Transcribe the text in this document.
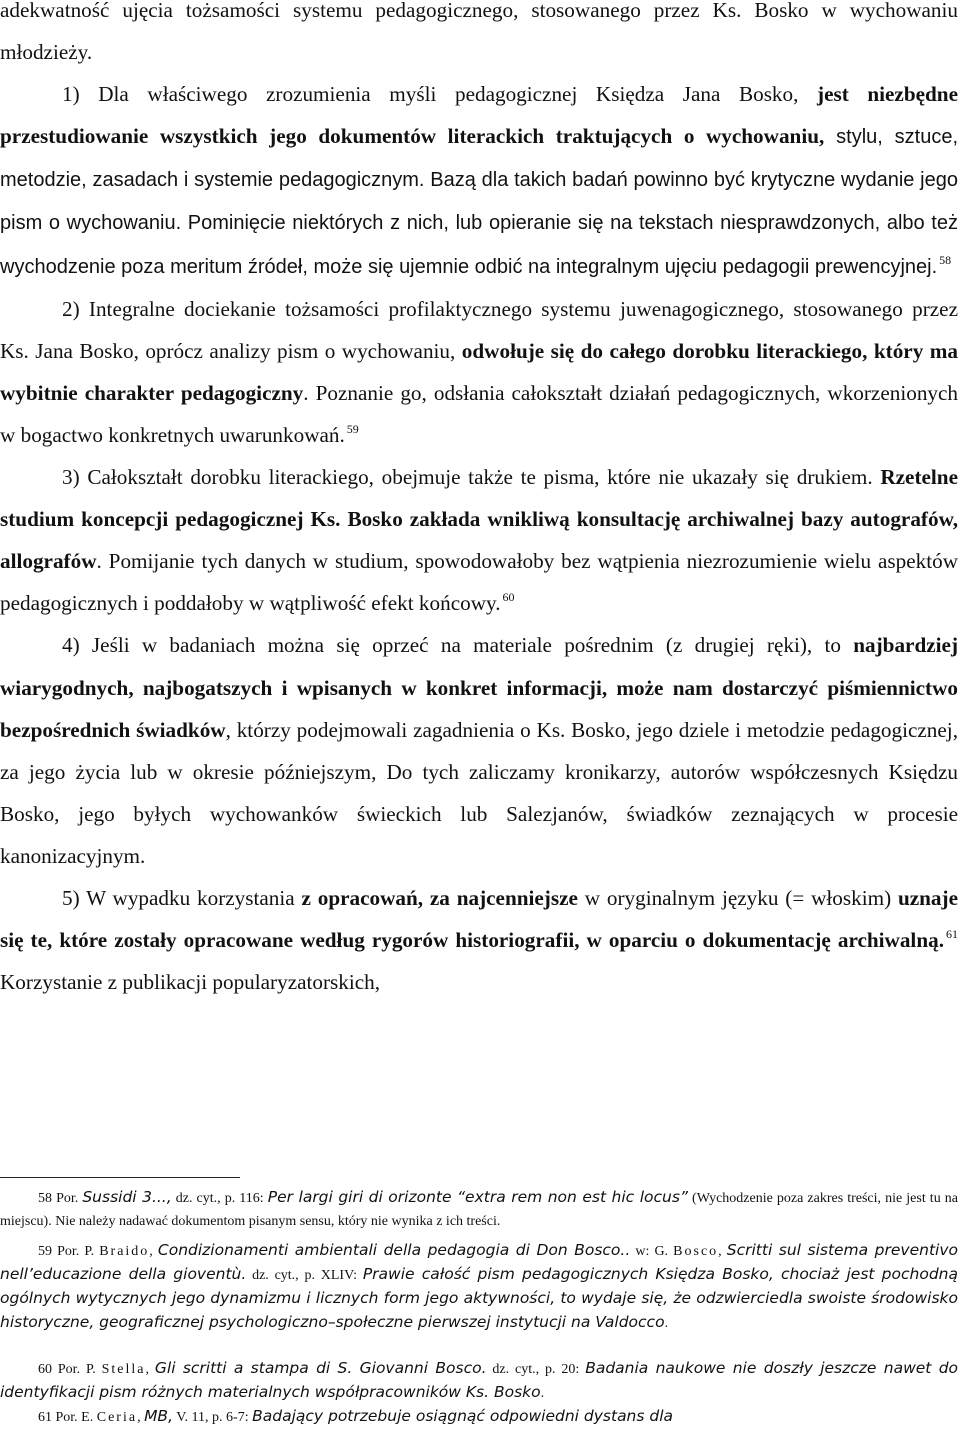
adekwatność ujęcia tożsamości systemu pedagogicznego, stosowanego przez Ks. Bosko w wychowaniu młodzieży.

1) Dla właściwego zrozumienia myśli pedagogicznej Księdza Jana Bosko, jest niezbędne przestudiowanie wszystkich jego dokumentów literackich traktujących o wychowaniu, stylu, sztuce, metodzie, zasadach i systemie pedagogicznym. Bazą dla takich badań powinno być krytyczne wydanie jego pism o wychowaniu. Pominięcie niektórych z nich, lub opieranie się na tekstach niesprawdzonych, albo też wychodzenie poza meritum źródeł, może się ujemnie odbić na integralnym ujęciu pedagogii prewencyjnej. $^{58}$

2) Integralne dociekanie tożsamości profilaktycznego systemu juwenagogicznego, stosowanego przez Ks. Jana Bosko, oprócz analizy pism o wychowaniu, odwołuje się do całego dorobku literackiego, który ma wybitnie charakter pedagogiczny. Poznanie go, odsłania całokształt działań pedagogicznych, wkorzenionych w bogactwo konkretnych uwarunkowań. $^{59}$

3) Całokształt dorobku literackiego, obejmuje także te pisma, które nie ukazały się drukiem. Rzetelne studium koncepcji pedagogicznej Ks. Bosko zakłada wnikliwą konsultację archiwalnej bazy autografów, allografów. Pomijanie tych danych w studium, spowodowałoby bez wątpienia niezrozumienie wielu aspektów pedagogicznych i poddałoby w wątpliwość efekt końcowy. $^{60}$

4) Jeśli w badaniach można się oprzeć na materiale pośrednim (z drugiej ręki), to najbardziej wiarygodnych, najbogatszych i wpisanych w konkret informacji, może nam dostarczyć piśmiennictwo bezpośrednich świadków, którzy podejmowali zagadnienia o Ks. Bosko, jego dziele i metodzie pedagogicznej, za jego życia lub w okresie późniejszym, Do tych zaliczamy kronikarzy, autorów współczesnych Księdzu Bosko, jego byłych wychowanków świeckich lub Salezjanów, świadków zeznających w procesie kanonizacyjnym.

5) W wypadku korzystania z opracowań, za najcenniejsze w oryginalnym języku (= włoskim) uznaje się te, które zostały opracowane według rygorów historiografii, w oparciu o dokumentację archiwalną. $^{61}$ Korzystanie z publikacji popularyzatorskich,

58 Por. Sussidi 3..., dz. cyt., p. 116: Per largi giri di orizonte “extra rem non est hic locus” (Wychodzenie poza zakres treści, nie jest tu na miejscu). Nie należy nadawać dokumentom pisanym sensu, który nie wynika z ich treści.
59 Por. P. Braido, Condizionamenti ambientali della pedagogia di Don Bosco.. w: G. Bosco, Scritti sul sistema preventivo nell’educazione della gioventù. dz. cyt., p. XLIV: Prawie całość pism pedagogicznych Księdza Bosko, chociaż jest pochodną ogólnych wytycznych jego dynamizmu i licznych form jego aktywności, to wydaje się, że odzwierciedla swoiste środowisko historyczne, geograficznej psychologiczno–społeczne pierwszej instytucji na Valdocco.
60 Por. P. Stella, Gli scritti a stampa di S. Giovanni Bosco. dz. cyt., p. 20: Badania naukowe nie doszły jeszcze nawet do identyfikacji pism różnych materialnych współpracowników Ks. Bosko.
61 Por. E. Ceria, MB, V. 11, p. 6-7: Badający potrzebuje osiągnąć odpowiedni dystans dla
